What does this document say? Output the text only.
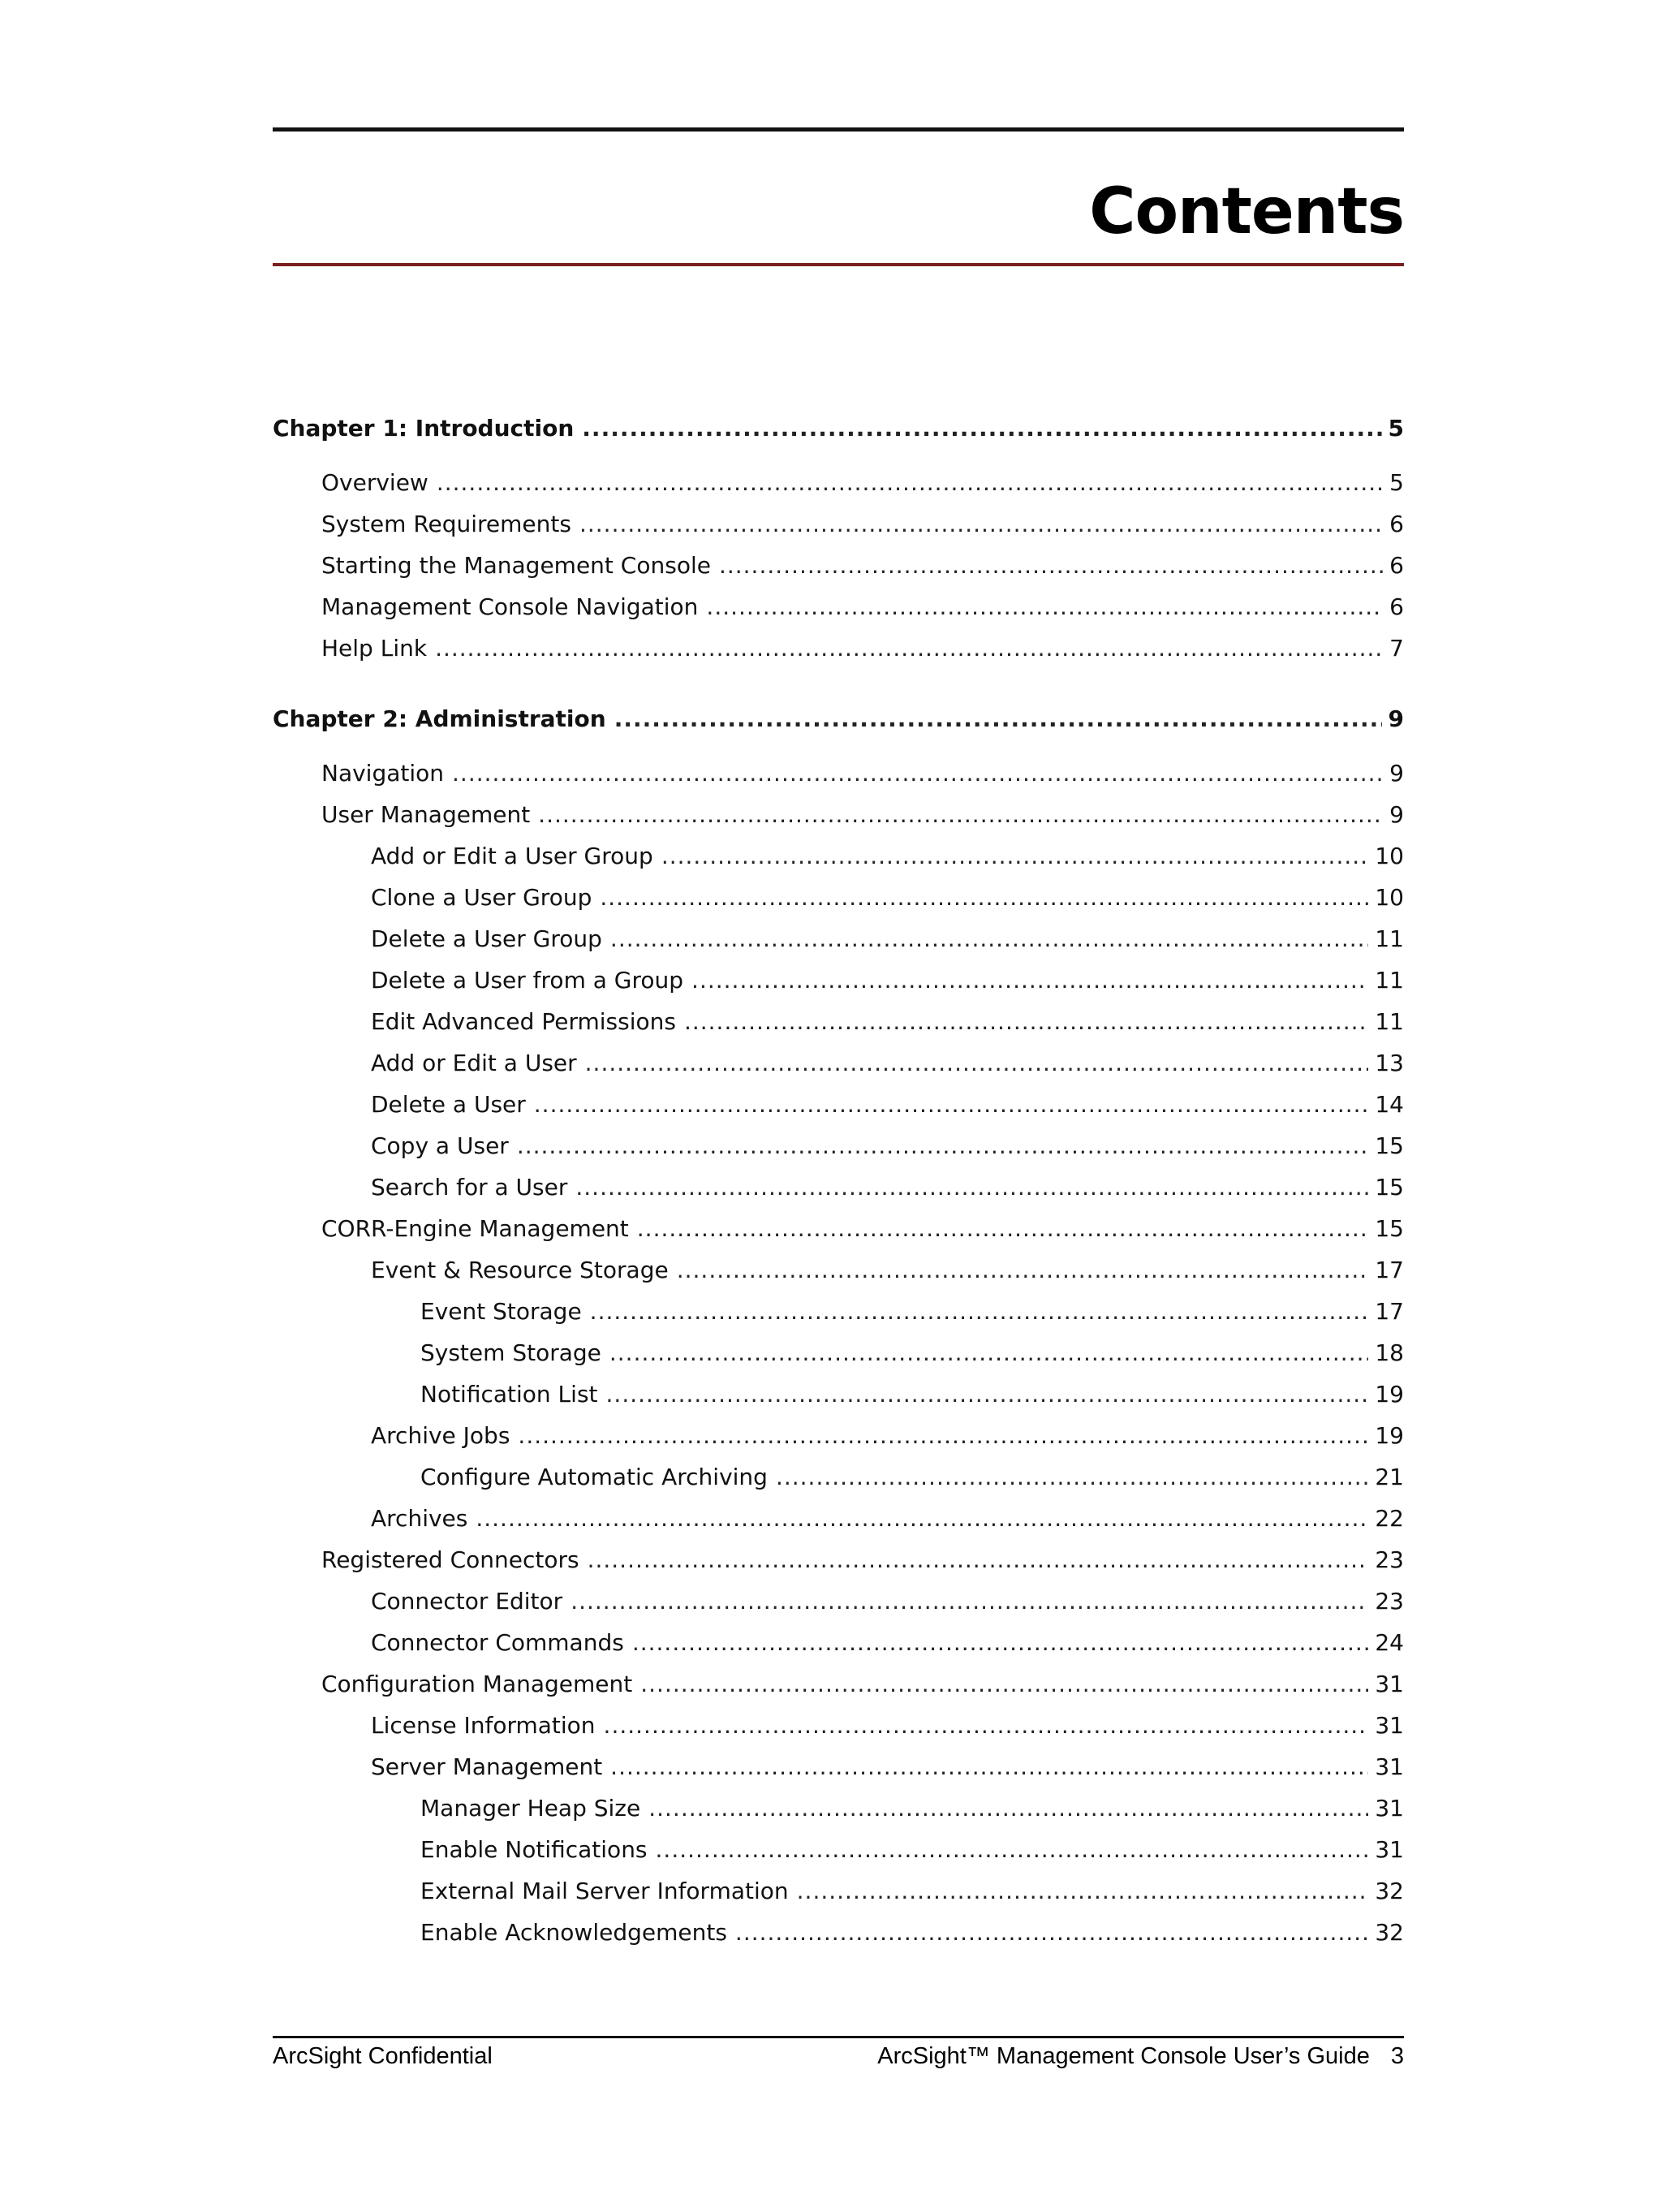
Contents
Chapter 1: Introduction .....	5
Overview .....	5
System Requirements .....	6
Starting the Management Console .....	6
Management Console Navigation .....	6
Help Link .....	7
Chapter 2: Administration .....	9
Navigation .....	9
User Management .....	9
Add or Edit a User Group .....	10
Clone a User Group .....	10
Delete a User Group .....	11
Delete a User from a Group .....	11
Edit Advanced Permissions .....	11
Add or Edit a User .....	13
Delete a User .....	14
Copy a User .....	15
Search for a User .....	15
CORR-Engine Management .....	15
Event & Resource Storage .....	17
Event Storage .....	17
System Storage .....	18
Notification List .....	19
Archive Jobs .....	19
Configure Automatic Archiving .....	21
Archives .....	22
Registered Connectors .....	23
Connector Editor .....	23
Connector Commands .....	24
Configuration Management .....	31
License Information .....	31
Server Management .....	31
Manager Heap Size .....	31
Enable Notifications .....	31
External Mail Server Information .....	32
Enable Acknowledgements .....	32
ArcSight Confidential	ArcSight™ Management Console User’s Guide 3
